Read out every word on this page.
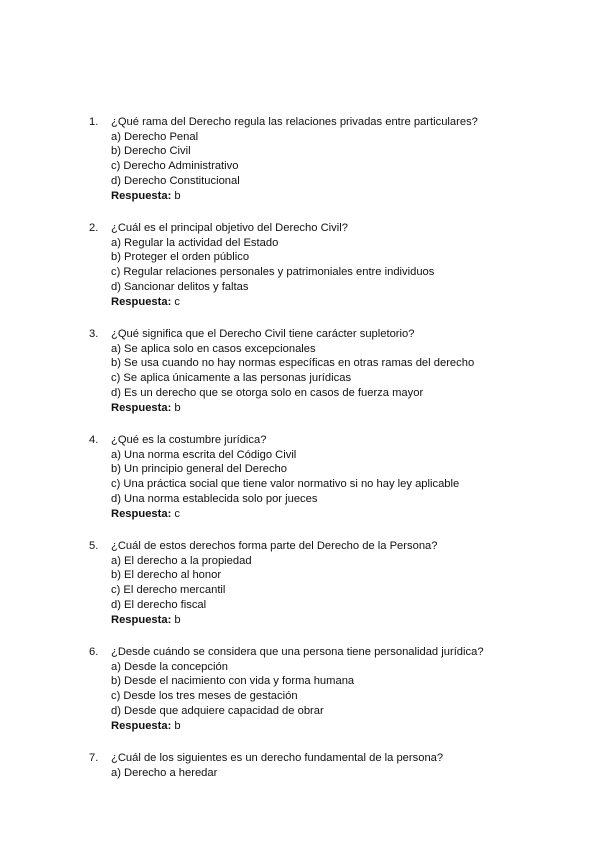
1.	¿Qué rama del Derecho regula las relaciones privadas entre particulares?
a) Derecho Penal
b) Derecho Civil
c) Derecho Administrativo
d) Derecho Constitucional
Respuesta: b
2.	¿Cuál es el principal objetivo del Derecho Civil?
a) Regular la actividad del Estado
b) Proteger el orden público
c) Regular relaciones personales y patrimoniales entre individuos
d) Sancionar delitos y faltas
Respuesta: c
3.	¿Qué significa que el Derecho Civil tiene carácter supletorio?
a) Se aplica solo en casos excepcionales
b) Se usa cuando no hay normas específicas en otras ramas del derecho
c) Se aplica únicamente a las personas jurídicas
d) Es un derecho que se otorga solo en casos de fuerza mayor
Respuesta: b
4.	¿Qué es la costumbre jurídica?
a) Una norma escrita del Código Civil
b) Un principio general del Derecho
c) Una práctica social que tiene valor normativo si no hay ley aplicable
d) Una norma establecida solo por jueces
Respuesta: c
5.	¿Cuál de estos derechos forma parte del Derecho de la Persona?
a) El derecho a la propiedad
b) El derecho al honor
c) El derecho mercantil
d) El derecho fiscal
Respuesta: b
6.	¿Desde cuándo se considera que una persona tiene personalidad jurídica?
a) Desde la concepción
b) Desde el nacimiento con vida y forma humana
c) Desde los tres meses de gestación
d) Desde que adquiere capacidad de obrar
Respuesta: b
7.	¿Cuál de los siguientes es un derecho fundamental de la persona?
a) Derecho a heredar
